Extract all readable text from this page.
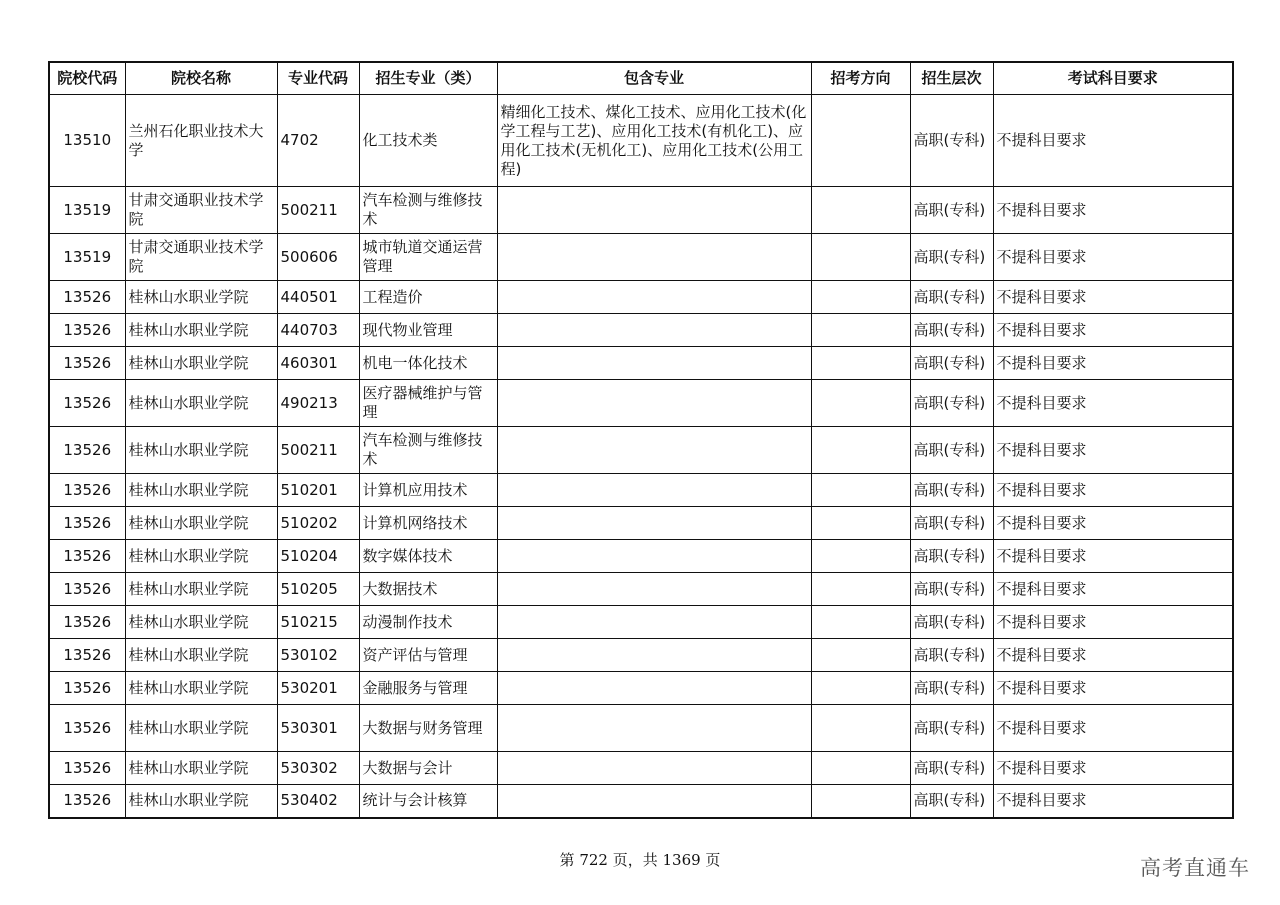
院校代码	院校名称	专业代码	招生专业（类）	包含专业	招考方向	招生层次	考试科目要求
13510	兰州石化职业技术大学	4702	化工技术类	精细化工技术、煤化工技术、应用化工技术(化学工程与工艺)、应用化工技术(有机化工)、应用化工技术(无机化工)、应用化工技术(公用工程)		高职(专科)	不提科目要求
13519	甘肃交通职业技术学院	500211	汽车检测与维修技术			高职(专科)	不提科目要求
13519	甘肃交通职业技术学院	500606	城市轨道交通运营管理			高职(专科)	不提科目要求
13526	桂林山水职业学院	440501	工程造价			高职(专科)	不提科目要求
13526	桂林山水职业学院	440703	现代物业管理			高职(专科)	不提科目要求
13526	桂林山水职业学院	460301	机电一体化技术			高职(专科)	不提科目要求
13526	桂林山水职业学院	490213	医疗器械维护与管理			高职(专科)	不提科目要求
13526	桂林山水职业学院	500211	汽车检测与维修技术			高职(专科)	不提科目要求
13526	桂林山水职业学院	510201	计算机应用技术			高职(专科)	不提科目要求
13526	桂林山水职业学院	510202	计算机网络技术			高职(专科)	不提科目要求
13526	桂林山水职业学院	510204	数字媒体技术			高职(专科)	不提科目要求
13526	桂林山水职业学院	510205	大数据技术			高职(专科)	不提科目要求
13526	桂林山水职业学院	510215	动漫制作技术			高职(专科)	不提科目要求
13526	桂林山水职业学院	530102	资产评估与管理			高职(专科)	不提科目要求
13526	桂林山水职业学院	530201	金融服务与管理			高职(专科)	不提科目要求
13526	桂林山水职业学院	530301	大数据与财务管理			高职(专科)	不提科目要求
13526	桂林山水职业学院	530302	大数据与会计			高职(专科)	不提科目要求
13526	桂林山水职业学院	530402	统计与会计核算			高职(专科)	不提科目要求
第 722 页，共 1369 页	高考直通车
